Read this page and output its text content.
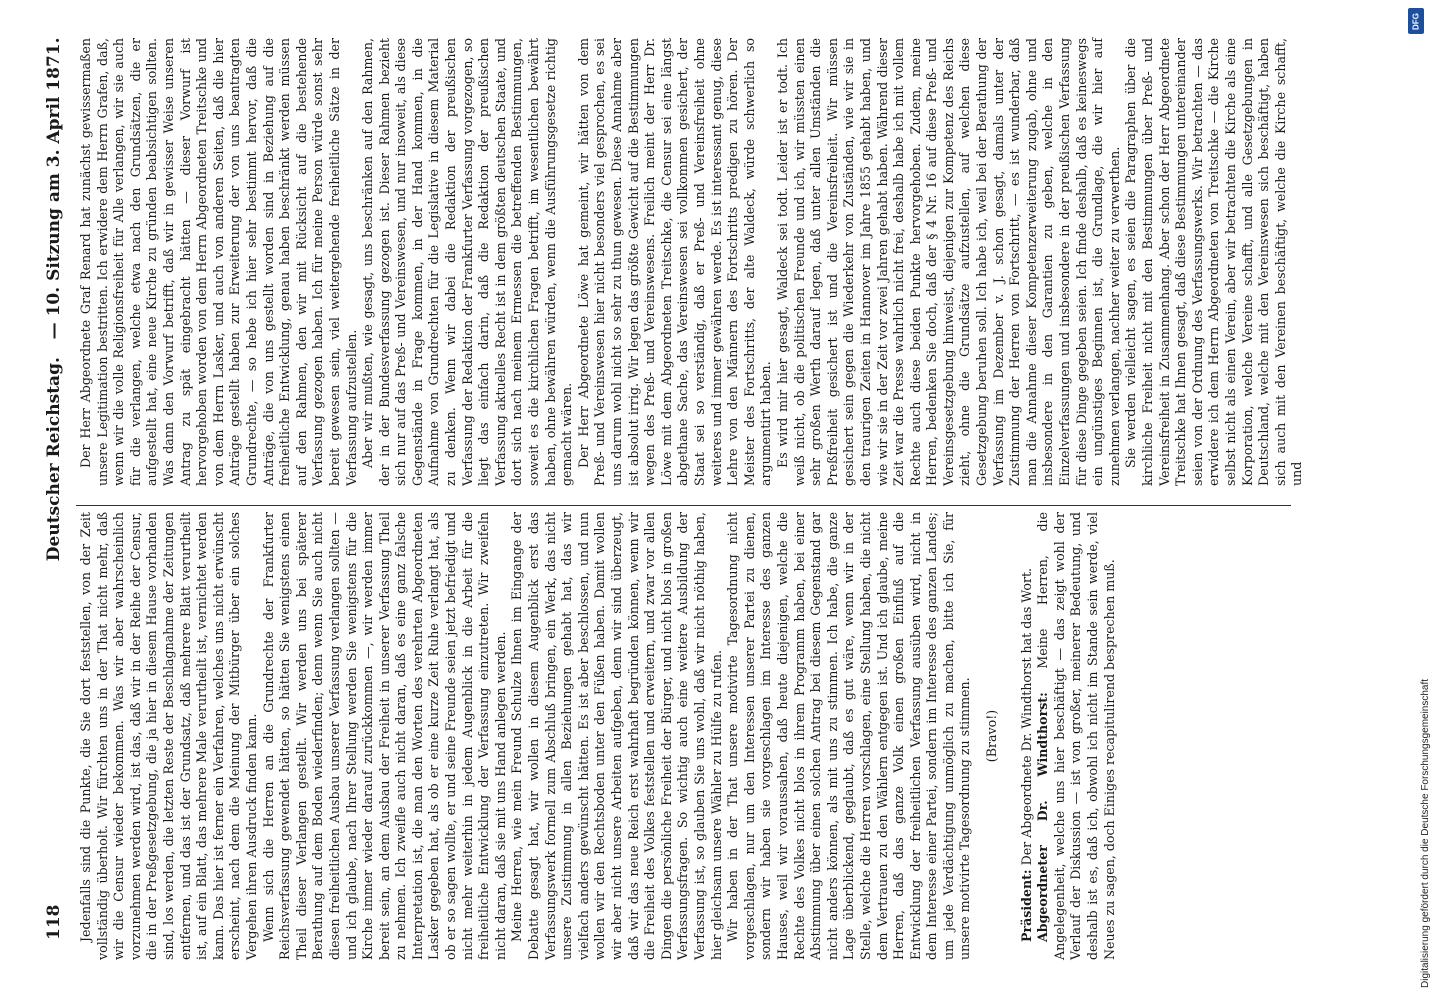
118                                                          Deutscher Reichstag.   — 10. Sitzung am 3. April 1871.

Jedenfalls sind die Punkte, die Sie dort feststellen, von der Zeit vollständig überholt. Wir fürchten uns in der That nicht mehr, daß wir die Censur wieder bekommen. Was wir aber wahrscheinlich vorzunehmen werden wird, ist das, daß wir in der Reihe der Censur, die in der Preßgesetzgebung, die ja hier in diesem Hause vorhanden sind, los werden, die letzten Reste der Beschlagnahme der Zeitungen entfernen, und das ist der Grundsatz, daß mehrere Blatt verurtheilt ist, auf ein Blatt, das mehrere Male verurtheilt ist, vernichtet werden kann. Das hier ist ferner ein Verfahren, welches uns nicht erwünscht erscheint, nach dem die Meinung der Mitbürger über ein solches Vergehen ihren Ausdruck finden kann. Wenn sich die Herren an die Grundrechte der Frankfurter Reichsverfassung gewendet hätten, so hätten Sie wenigstens einen Theil dieser Verlangen gestellt. Wir werden uns bei späterer Berathung auf dem Boden wiederfinden; denn wenn Sie auch nicht diesen freiheitlichen Ausbau unserer Verfassung verlangen sollten — und ich glaube, nach Ihrer Stellung werden Sie wenigstens für die Kirche immer wieder darauf zurückkommen —, wir werden immer bereit sein, an dem Ausbau der Freiheit in unserer Verfassung Theil zu nehmen. Ich zweifle auch nicht daran, daß es eine ganz falsche Interpretation ist, die man den Worten des verehrten Abgeordneten Lasker gegeben hat, als ob er eine kurze Zeit Ruhe verlangt hat, als ob er so sagen wollte, er und seine Freunde seien jetzt befriedigt und nicht mehr weiterhin in jedem Augenblick in die Arbeit für die freiheitliche Entwicklung der Verfassung einzutreten. Wir zweifeln nicht daran, daß sie mit uns Hand anlegen werden. Meine Herren, wie mein Freund Schulze Ihnen im Eingange der Debatte gesagt hat, wir wollen in diesem Augenblick erst das Verfassungswerk formell zum Abschluß bringen, ein Werk, das nicht unsere Zustimmung in allen Beziehungen gehabt hat, das wir vielfach anders gewünscht hätten. Es ist aber beschlossen, und nun wollen wir den Rechtsboden unter den Füßen haben. Damit wollen wir aber nicht unsere Arbeiten aufgeben, denn wir sind überzeugt, daß wir das neue Reich erst wahrhaft begründen können, wenn wir die Freiheit des Volkes feststellen und erweitern, und zwar vor allen Dingen die persönliche Freiheit der Bürger, und nicht blos in großen Verfassungsfragen. So wichtig auch eine weitere Ausbildung der Verfassung ist, so glauben Sie uns wohl, daß wir nicht nöthig haben, hier gleichsam unsere Wähler zu Hülfe zu rufen. Wir haben in der That unsere motivirte Tagesordnung nicht vorgeschlagen, nur um den Interessen unserer Partei zu dienen, sondern wir haben sie vorgeschlagen im Interesse des ganzen Hauses, weil wir voraussahen, daß heute diejenigen, welche die Rechte des Volkes nicht blos in ihrem Programm haben, bei einer Abstimmung über einen solchen Antrag bei diesem Gegenstand gar nicht anders können, als mit uns zu stimmen. Ich habe, die ganze Lage überblickend, geglaubt, daß es gut wäre, wenn wir in der Stelle, welche die Herren vorschlagen, eine Stellung haben, die nicht dem Vertrauen zu den Wählern entgegen ist. Und ich glaube, meine Herren, daß das ganze Volk einen großen Einfluß auf die Entwicklung der freiheitlichen Verfassung ausüben wird, nicht in dem Interesse einer Partei, sondern im Interesse des ganzen Landes; um jede Verdächtigung unmöglich zu machen, bitte ich Sie, für unsere motivirte Tagesordnung zu stimmen. (Bravo!)

Präsident: Der Abgeordnete Dr. Windthorst hat das Wort. Abgeordneter Dr. Windthorst: Meine Herren, die Angelegenheit, welche uns hier beschäftigt — das zeigt wohl der Verlauf der Diskussion — ist von großer, meinerer Bedeutung, und deshalb ist es, daß ich, obwohl ich nicht im Stande sein werde, viel Neues zu sagen, doch Einiges recapitulirend besprechen muß.

Der Herr Abgeordnete Graf Renard hat zunächst gewissermaßen unsere Legitimation bestritten. Ich erwidere dem Herrn Grafen, daß, wenn wir die volle Religionsfreiheit für Alle verlangen, wir sie auch für die verlangen, welche etwa nach den Grundsätzen, die er aufgestellt hat, eine neue Kirche zu gründen beabsichtigen sollten. Was dann den Vorwurf betrifft, daß wir in gewisser Weise unseren Antrag zu spät eingebracht hätten — dieser Vorwurf ist hervorgehoben worden von dem Herrn Abgeordneten Treitschke und von dem Herrn Lasker, und auch von anderen Seiten, daß die hier Anträge gestellt haben zur Erweiterung der von uns beantragten Grundrechte, — so hebe ich hier sehr bestimmt hervor, daß die Anträge, die von uns gestellt worden sind in Beziehung auf die freiheitliche Entwicklung, genau haben beschränkt werden müssen auf den Rahmen, den wir mit Rücksicht auf die bestehende Verfassung gezogen haben. Ich für meine Person würde sonst sehr bereit gewesen sein, viel weitergehende freiheitliche Sätze in der Verfassung aufzustellen. Aber wir mußten, wie gesagt, uns beschränken auf den Rahmen, der in der Bundesverfassung gezogen ist. Dieser Rahmen bezieht sich nur auf das Preß- und Vereinswesen, und nur insoweit, als diese Gegenstände in Frage kommen, in der Hand kommen, in die Aufnahme von Grundrechten für die Legislative in diesem Material zu denken. Wenn wir dabei die Redaktion der preußischen Verfassung der Redaktion der Frankfurter Verfassung vorgezogen, so liegt das einfach darin, daß die Redaktion der preußischen Verfassung aktuelles Recht ist in dem größten deutschen Staate, und dort sich nach meinem Ermessen die betreffenden Bestimmungen, soweit es die kirchlichen Fragen betrifft, im wesentlichen bewährt haben, ohne bewähren würden, wenn die Ausführungsgesetze richtig gemacht wären. Der Herr Abgeordnete Löwe hat gemeint, wir hätten von dem Preß- und Vereinswesen hier nicht besonders viel gesprochen, es sei uns darum wohl nicht so sehr zu thun gewesen. Diese Annahme aber ist absolut irrig. Wir legen das größte Gewicht auf die Bestimmungen wegen des Preß- und Vereinswesens. Freilich meint der Herr Dr. Löwe mit dem Abgeordneten Treitschke, die Censur sei eine längst abgethane Sache, das Vereinswesen sei vollkommen gesichert, der Staat sei so verständig, daß er Preß- und Vereinsfreiheit ohne weiteres und immer gewähren werde. Es ist interessant genug, diese Lehre von den Männern des Fortschritts predigen zu hören. Der Meister des Fortschritts, der alte Waldeck, würde schwerlich so argumentirt haben. Es wird mir hier gesagt, Waldeck sei todt. Leider ist er todt. Ich weiß nicht, ob die politischen Freunde und ich, wir müssten einen sehr großen Werth darauf legen, daß unter allen Umständen die Preßfreiheit gesichert ist und die Vereinsfreiheit. Wir müssen gesichert sein gegen die Wiederkehr von Zuständen, wie wir sie in den traurigen Zeiten in Hannover im Jahre 1855 gehabt haben, und wie wir sie in der Zeit vor zwei Jahren gehabt haben. Während dieser Zeit war die Presse wahrlich nicht frei, deshalb habe ich mit vollem Rechte auch diese beiden Punkte hervorgehoben. Zudem, meine Herren, bedenken Sie doch, daß der § 4 Nr. 16 auf diese Preß- und Vereinsgesetzgebung hinweist, diejenigen zur Kompetenz des Reichs zieht, ohne die Grundsätze aufzustellen, auf welchen diese Gesetzgebung beruhen soll. Ich habe ich, weil bei der Berathung der Verfassung im Dezember v. J. schon gesagt, damals unter der Zustimmung der Herren von Fortschritt, — es ist wunderbar, daß man die Annahme dieser Kompetenzerweiterung zugab, ohne und insbesondere in den Garantien zu geben, welche in den Einzelverfassungen und insbesondere in der preußischen Verfassung für diese Dinge gegeben seien. Ich finde deshalb, daß es keineswegs ein ungünstiges Beginnen ist, die Grundlage, die wir hier auf zunehmen verlangen, nachher weiter zu verwerthen. Sie werden vielleicht sagen, es seien die Paragraphen über die kirchliche Freiheit nicht mit den Bestimmungen über Preß- und Vereinsfreiheit in Zusammenhang. Aber schon der Herr Abgeordnete Treitschke hat Ihnen gesagt, daß diese Bestimmungen untereinander seien von der Ordnung des Verfassungswerks. Wir betrachten — das erwidere ich dem Herrn Abgeordneten von Treitschke — die Kirche selbst nicht als einen Verein, aber wir betrachten die Kirche als eine Korporation, welche Vereine schafft, und alle Gesetzgebungen in Deutschland, welche mit den Vereinswesen sich beschäftigt, haben sich auch mit den Vereinen beschäftigt, welche die Kirche schafft, und

DFG
Digitalisierung gefördert durch die Deutsche Forschungsgemeinschaft
